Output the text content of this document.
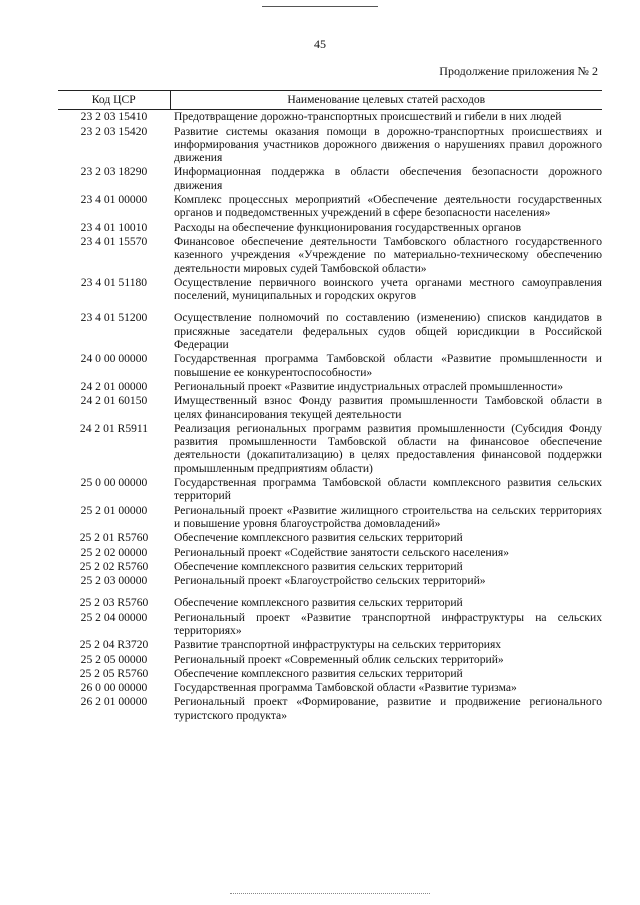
45
Продолжение приложения № 2
Код ЦСР	Наименование целевых статей расходов
23 2 03 15410	Предотвращение дорожно-транспортных происшествий и гибели в них людей
23 2 03 15420	Развитие системы оказания помощи в дорожно-транспортных происшествиях и информирования участников дорожного движения о нарушениях правил дорожного движения
23 2 03 18290	Информационная поддержка в области обеспечения безопасности дорожного движения
23 4 01 00000	Комплекс процессных мероприятий «Обеспечение деятельности государственных органов и подведомственных учреждений в сфере безопасности населения»
23 4 01 10010	Расходы на обеспечение функционирования государственных органов
23 4 01 15570	Финансовое обеспечение деятельности Тамбовского областного государственного казенного учреждения «Учреждение по материально-техническому обеспечению деятельности мировых судей Тамбовской области»
23 4 01 51180	Осуществление первичного воинского учета органами местного самоуправления поселений, муниципальных и городских округов
23 4 01 51200	Осуществление полномочий по составлению (изменению) списков кандидатов в присяжные заседатели федеральных судов общей юрисдикции в Российской Федерации
24 0 00 00000	Государственная программа Тамбовской области «Развитие промышленности и повышение ее конкурентоспособности»
24 2 01 00000	Региональный проект «Развитие индустриальных отраслей промышленности»
24 2 01 60150	Имущественный взнос Фонду развития промышленности Тамбовской области в целях финансирования текущей деятельности
24 2 01 R5911	Реализация региональных программ развития промышленности (Субсидия Фонду развития промышленности Тамбовской области на финансовое обеспечение деятельности (докапитализацию) в целях предоставления финансовой поддержки промышленным предприятиям области)
25 0 00 00000	Государственная программа Тамбовской области комплексного развития сельских территорий
25 2 01 00000	Региональный проект «Развитие жилищного строительства на сельских территориях и повышение уровня благоустройства домовладений»
25 2 01 R5760	Обеспечение комплексного развития сельских территорий
25 2 02 00000	Региональный проект «Содействие занятости сельского населения»
25 2 02 R5760	Обеспечение комплексного развития сельских территорий
25 2 03 00000	Региональный проект «Благоустройство сельских территорий»
25 2 03 R5760	Обеспечение комплексного развития сельских территорий
25 2 04 00000	Региональный проект «Развитие транспортной инфраструктуры на сельских территориях»
25 2 04 R3720	Развитие транспортной инфраструктуры на сельских территориях
25 2 05 00000	Региональный проект «Современный облик сельских территорий»
25 2 05 R5760	Обеспечение комплексного развития сельских территорий
26 0 00 00000	Государственная программа Тамбовской области «Развитие туризма»
26 2 01 00000	Региональный проект «Формирование, развитие и продвижение регионального туристского продукта»
